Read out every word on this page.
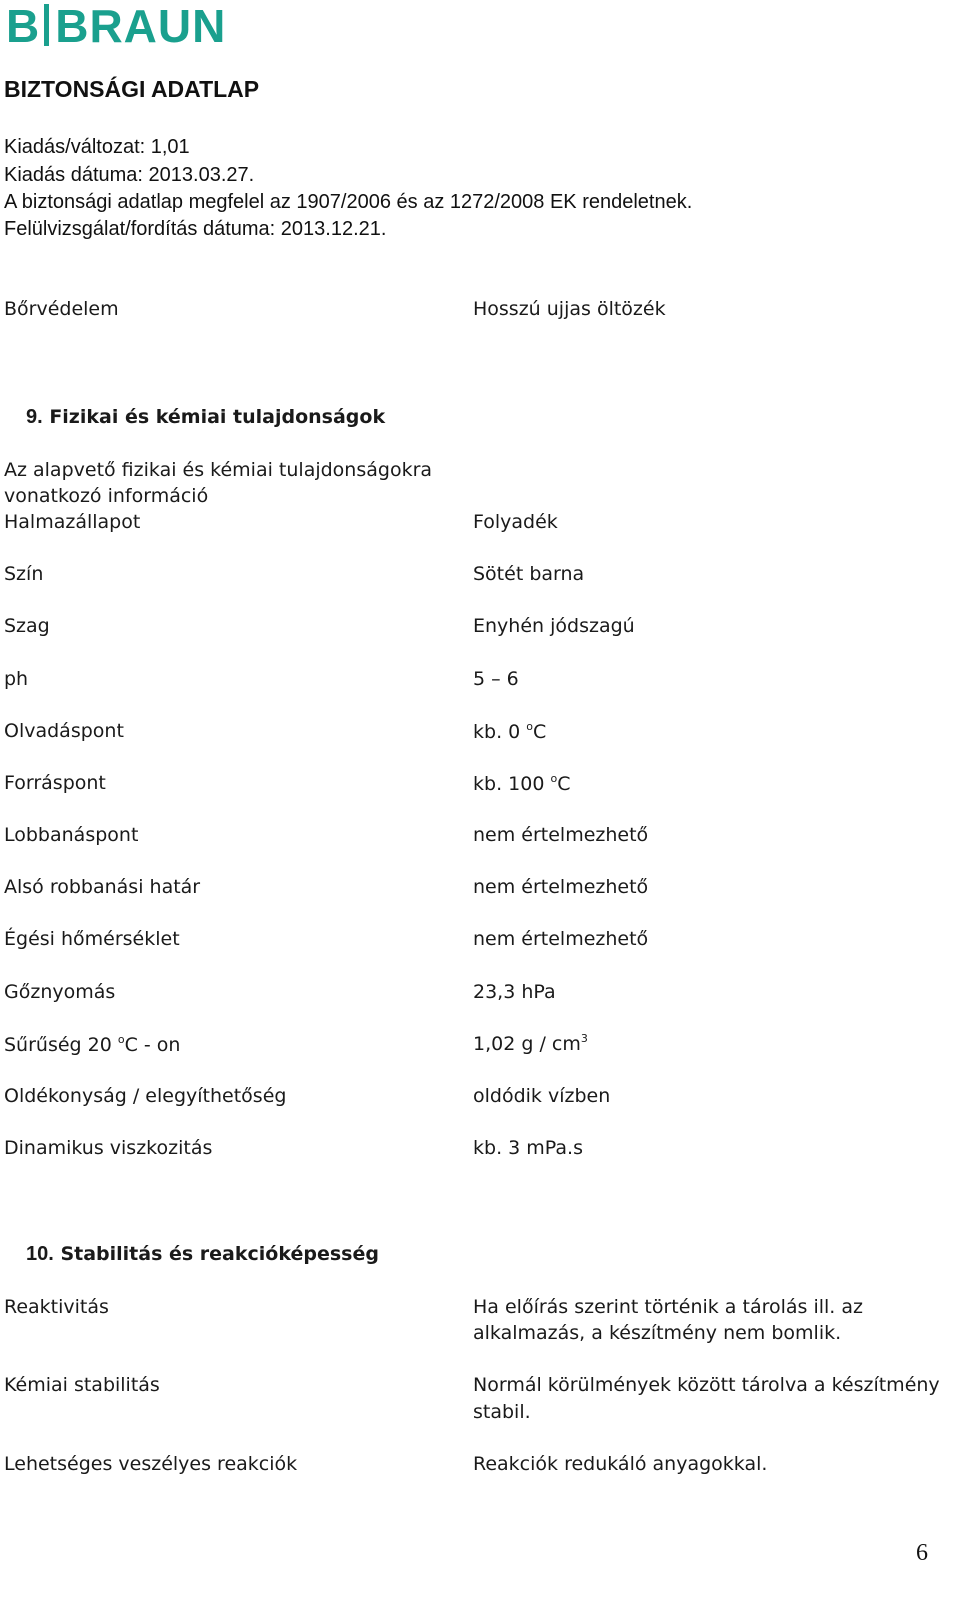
B BRAUN
BIZTONSÁGI ADATLAP
Kiadás/változat: 1,01
Kiadás dátuma: 2013.03.27.
A biztonsági adatlap megfelel az 1907/2006 és az 1272/2008 EK rendeletnek.
Felülvizsgálat/fordítás dátuma: 2013.12.21.
Bőrvédelem	Hosszú ujjas öltözék
9. Fizikai és kémiai tulajdonságok
Az alapvető fizikai és kémiai tulajdonságokra
vonatkozó információ
Halmazállapot	Folyadék
Szín	Sötét barna
Szag	Enyhén jódszagú
ph	5 – 6
Olvadáspont	kb. 0 $^o$C
Forráspont	kb. 100 $^o$C
Lobbanáspont	nem értelmezhető
Alsó robbanási határ	nem értelmezhető
Égési hőmérséklet	nem értelmezhető
Gőznyomás	23,3 hPa
Sűrűség 20 $^o$C - on	1,02 g / $cm^3$
Oldékonyság / elegyíthetőség	oldódik vízben
Dinamikus viszkozitás	kb. 3 mPa.s
10. Stabilitás és reakcióképesség
Reaktivitás	Ha előírás szerint történik a tárolás ill. az
alkalmazás, a készítmény nem bomlik.
Kémiai stabilitás	Normál körülmények között tárolva a készítmény
stabil.
Lehetséges veszélyes reakciók	Reakciók redukáló anyagokkal.
6
